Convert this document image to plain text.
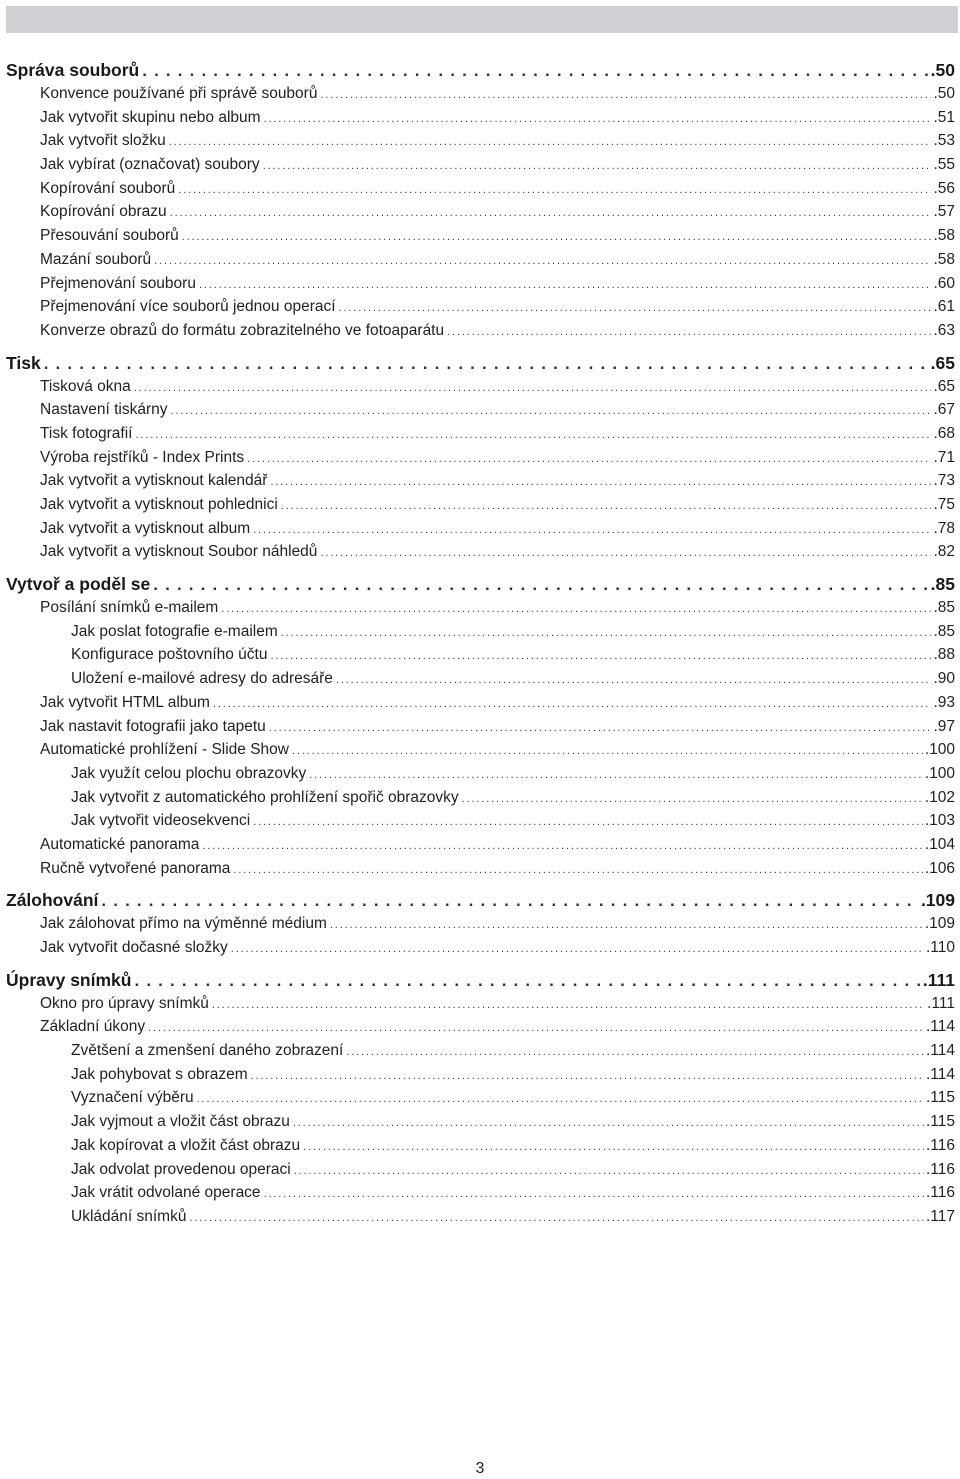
Správa souborů . . .	.50
Konvence používané při správě souborů . . .	.50
Jak vytvořit skupinu nebo album . . .	.51
Jak vytvořit složku . . .	.53
Jak vybírat (označovat) soubory . . .	.55
Kopírování souborů . . .	.56
Kopírování obrazu . . .	.57
Přesouvání souborů . . .	.58
Mazání souborů . . .	.58
Přejmenování souboru . . .	.60
Přejmenování více souborů jednou operací . . .	.61
Konverze obrazů do formátu zobrazitelného ve fotoaparátu . . .	.63
Tisk . . .	.65
Tisková okna . . .	.65
Nastavení tiskárny . . .	.67
Tisk fotografií . . .	.68
Výroba rejstříků - Index Prints . . .	.71
Jak vytvořit a vytisknout kalendář . . .	.73
Jak vytvořit a vytisknout pohlednici . . .	.75
Jak vytvořit a vytisknout album . . .	.78
Jak vytvořit a vytisknout Soubor náhledů . . .	.82
Vytvoř a poděl se . . .	.85
Posílání snímků e-mailem . . .	.85
Jak poslat fotografie e-mailem . . .	.85
Konfigurace poštovního účtu . . .	.88
Uložení e-mailové adresy do adresáře . . .	.90
Jak vytvořit HTML album . . .	.93
Jak nastavit fotografii jako tapetu . . .	.97
Automatické prohlížení - Slide Show . . .	.100
Jak využít celou plochu obrazovky . . .	.100
Jak vytvořit z automatického prohlížení spořič obrazovky . . .	.102
Jak vytvořit videosekvenci . . .	.103
Automatické panorama . . .	.104
Ručně vytvořené panorama . . .	.106
Zálohování . . .	.109
Jak zálohovat přímo na výměnné médium . . .	.109
Jak vytvořit dočasné složky . . .	.110
Úpravy snímků . . .	.111
Okno pro úpravy snímků . . .	.111
Základní úkony . . .	.114
Zvětšení a zmenšení daného zobrazení . . .	.114
Jak pohybovat s obrazem . . .	.114
Vyznačení výběru . . .	.115
Jak vyjmout a vložit část obrazu . . .	.115
Jak kopírovat a vložit část obrazu . . .	.116
Jak odvolat provedenou operaci . . .	.116
Jak vrátit odvolané operace . . .	.116
Ukládání snímků . . .	.117
3
